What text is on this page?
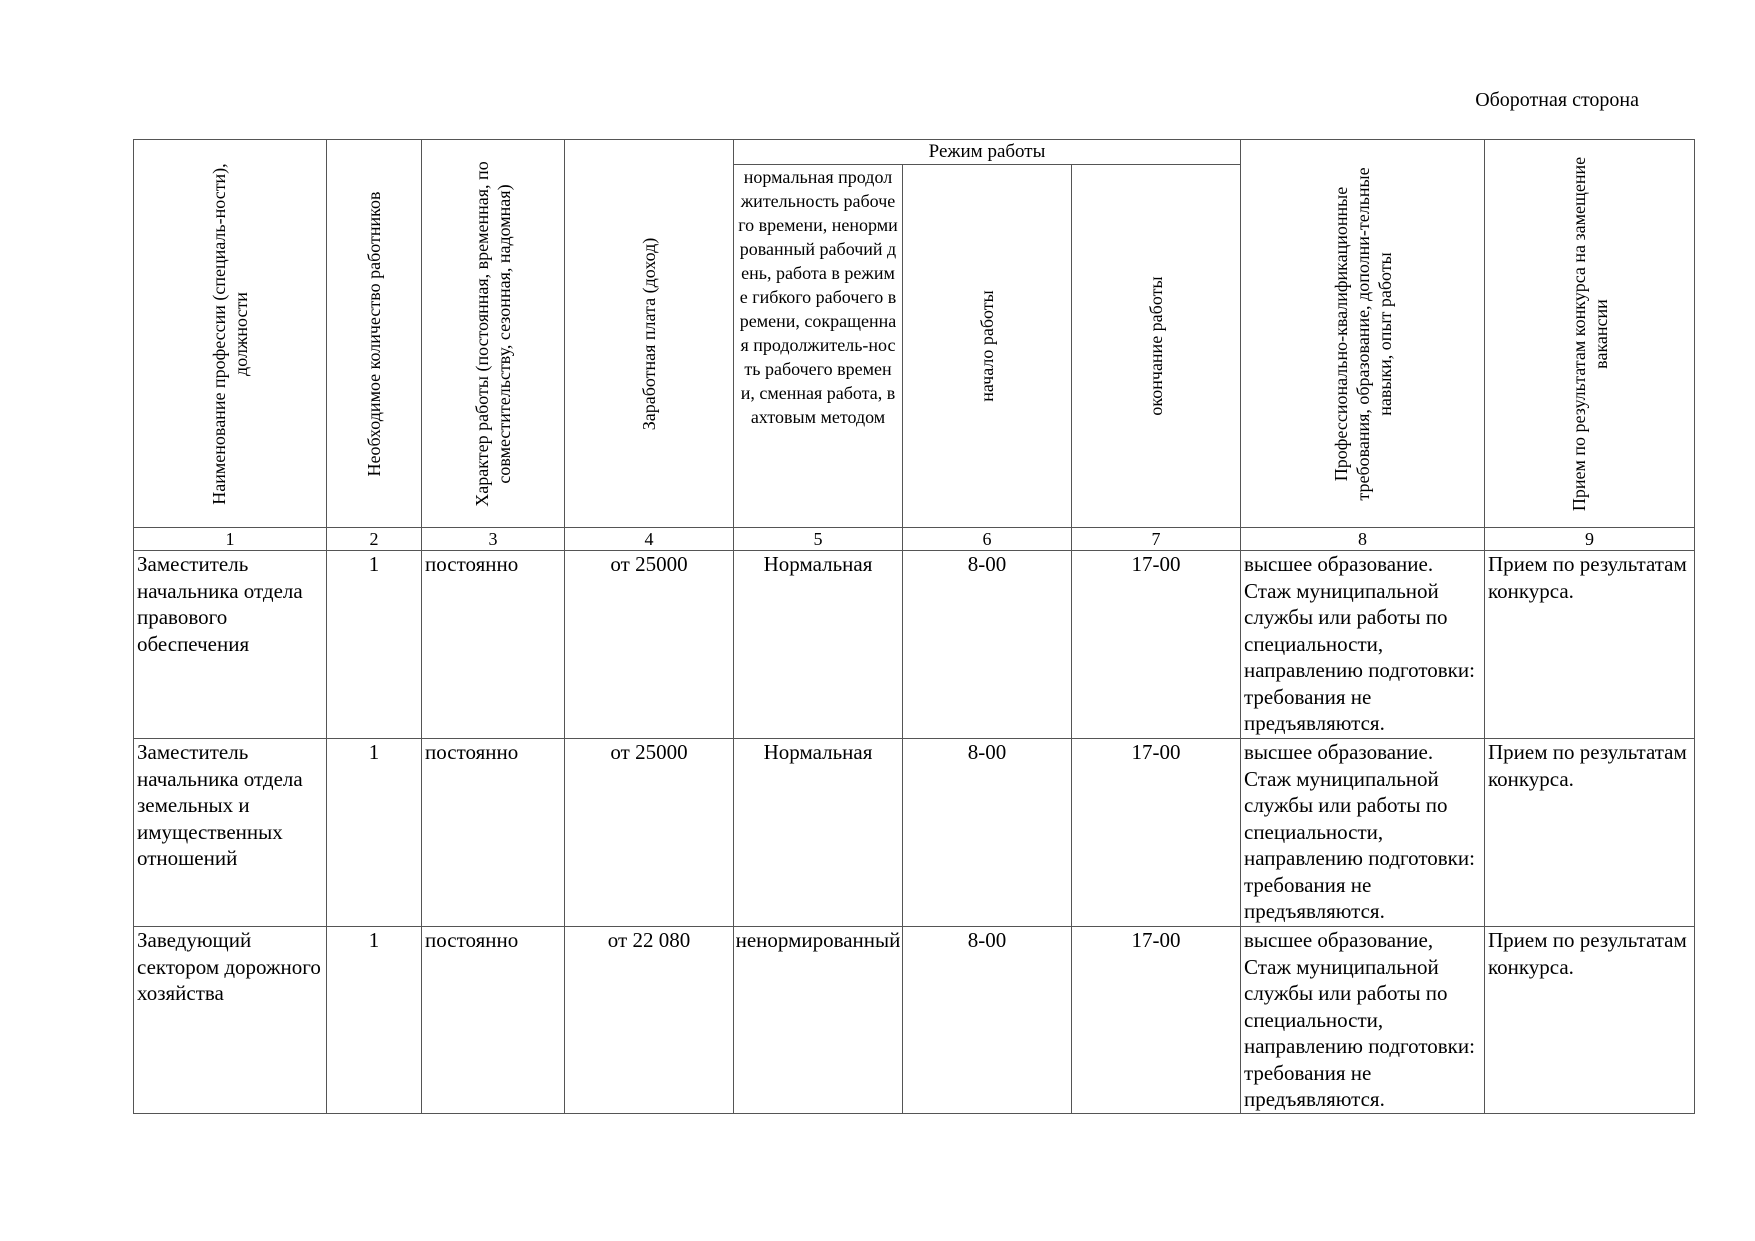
Оборотная сторона
Наименование профессии (специаль-ности), должности	Необходимое количество работников	Характер работы (постоянная, временная, по совместительству, сезонная, надомная)	Заработная плата (доход)	Режим работы			Профессионально-квалификационные требования, образование, дополни-тельные навыки, опыт работы	Прием по результатам конкурса на замещение вакансии

				нормальная продолжительность рабочего времени, ненормированный рабочий день, работа в режиме гибкого рабочего времени, сокращенная продолжитель-ность рабочего времени, сменная работа, вахтовым методом	начало работы	окончание работы		

1	2	3	4	5	6	7	8	9
Заместитель начальника отдела правового обеспечения	1	постоянно	от 25000	Нормальная	8-00	17-00	высшее образование. Стаж муниципальной службы или работы по специальности, направлению подготовки: требования не предъявляются.	Прием по результатам конкурса.
Заместитель начальника отдела земельных и имущественных отношений	1	постоянно	от 25000	Нормальная	8-00	17-00	высшее образование. Стаж муниципальной службы или работы по специальности, направлению подготовки: требования не предъявляются.	Прием по результатам конкурса.
Заведующий сектором дорожного хозяйства	1	постоянно	от 22 080	ненормированный	8-00	17-00	высшее образование, Стаж муниципальной службы или работы по специальности, направлению подготовки: требования не предъявляются.	Прием по результатам конкурса.
